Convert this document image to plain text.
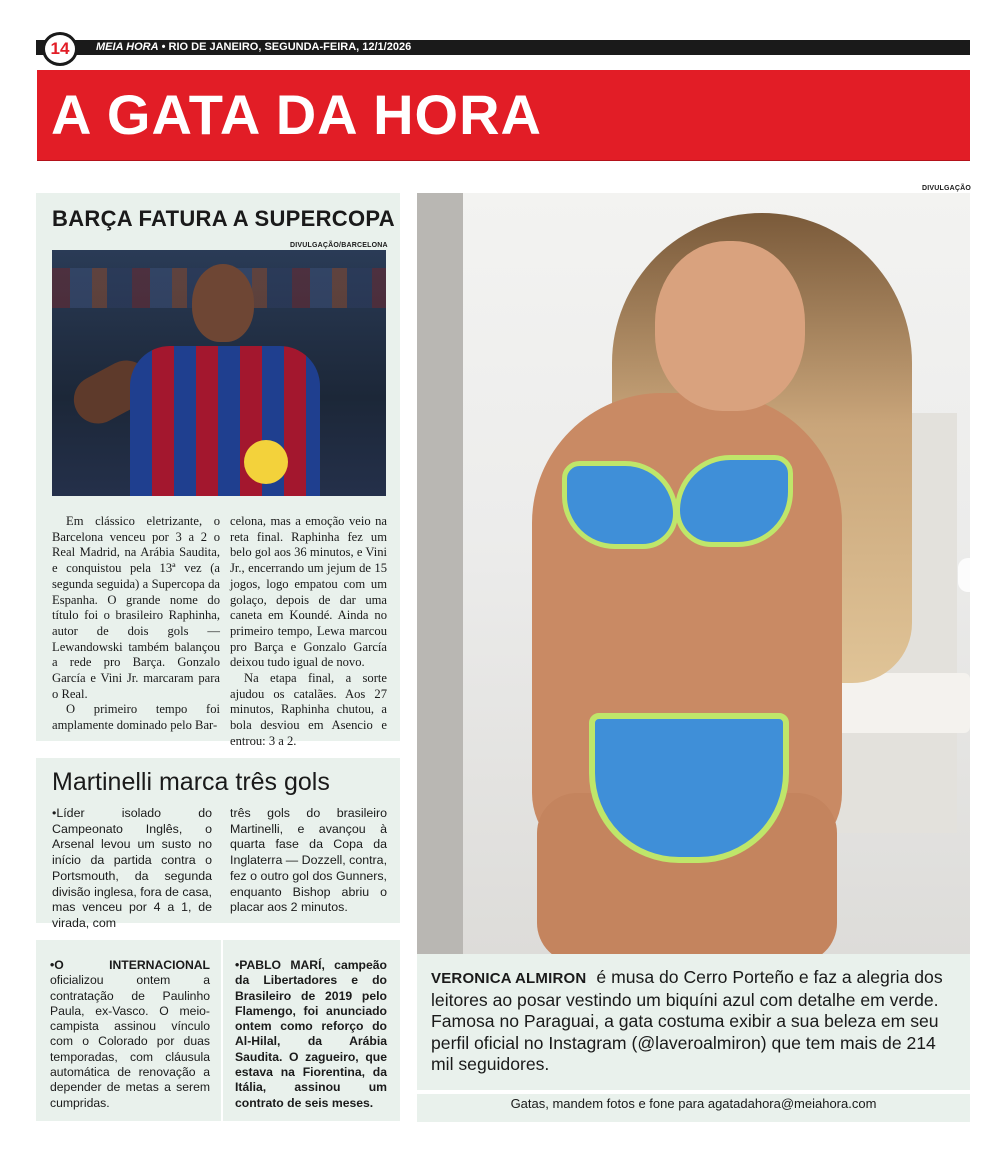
14	MEIA HORA • RIO DE JANEIRO, SEGUNDA-FEIRA, 12/1/2026
A GATA DA HORA
BARÇA FATURA A SUPERCOPA
DIVULGAÇÃO/BARCELONA

Em clássico eletrizante, o Barcelona venceu por 3 a 2 o Real Madrid, na Arábia Saudita, e conquistou pela 13ª vez (a segunda seguida) a Supercopa da Espanha. O grande nome do título foi o brasileiro Raphinha, autor de dois gols — Lewandowski também balançou a rede pro Barça. Gonzalo García e Vini Jr. marcaram para o Real.

O primeiro tempo foi amplamente dominado pelo Bar-

celona, mas a emoção veio na reta final. Raphinha fez um belo gol aos 36 minutos, e Vini Jr., encerrando um jejum de 15 jogos, logo empatou com um golaço, depois de dar uma caneta em Koundé. Ainda no primeiro tempo, Lewa marcou pro Barça e Gonzalo García deixou tudo igual de novo.

Na etapa final, a sorte ajudou os catalães. Aos 27 minutos, Raphinha chutou, a bola desviou em Asencio e entrou: 3 a 2.

Martinelli marca três gols
•Líder isolado do Campeonato Inglês, o Arsenal levou um susto no início da partida contra o Portsmouth, da segunda divisão inglesa, fora de casa, mas venceu por 4 a 1, de virada, com
três gols do brasileiro Martinelli, e avançou à quarta fase da Copa da Inglaterra — Dozzell, contra, fez o outro gol dos Gunners, enquanto Bishop abriu o placar aos 2 minutos.

•O INTERNACIONAL oficializou ontem a contratação de Paulinho Paula, ex-Vasco. O meio-campista assinou vínculo com o Colorado por duas temporadas, com cláusula automática de renovação a depender de metas a serem cumpridas.

•PABLO MARÍ, campeão da Libertadores e do Brasileiro de 2019 pelo Flamengo, foi anunciado ontem como reforço do Al-Hilal, da Arábia Saudita. O zagueiro, que estava na Fiorentina, da Itália, assinou um contrato de seis meses.

DIVULGAÇÃO

VERONICA ALMIRON é musa do Cerro Porteño e faz a alegria dos leitores ao posar vestindo um biquíni azul com detalhe em verde. Famosa no Paraguai, a gata costuma exibir a sua beleza em seu perfil oficial no Instagram (@laveroalmiron) que tem mais de 214 mil seguidores.

Gatas, mandem fotos e fone para agatadahora@meiahora.com
